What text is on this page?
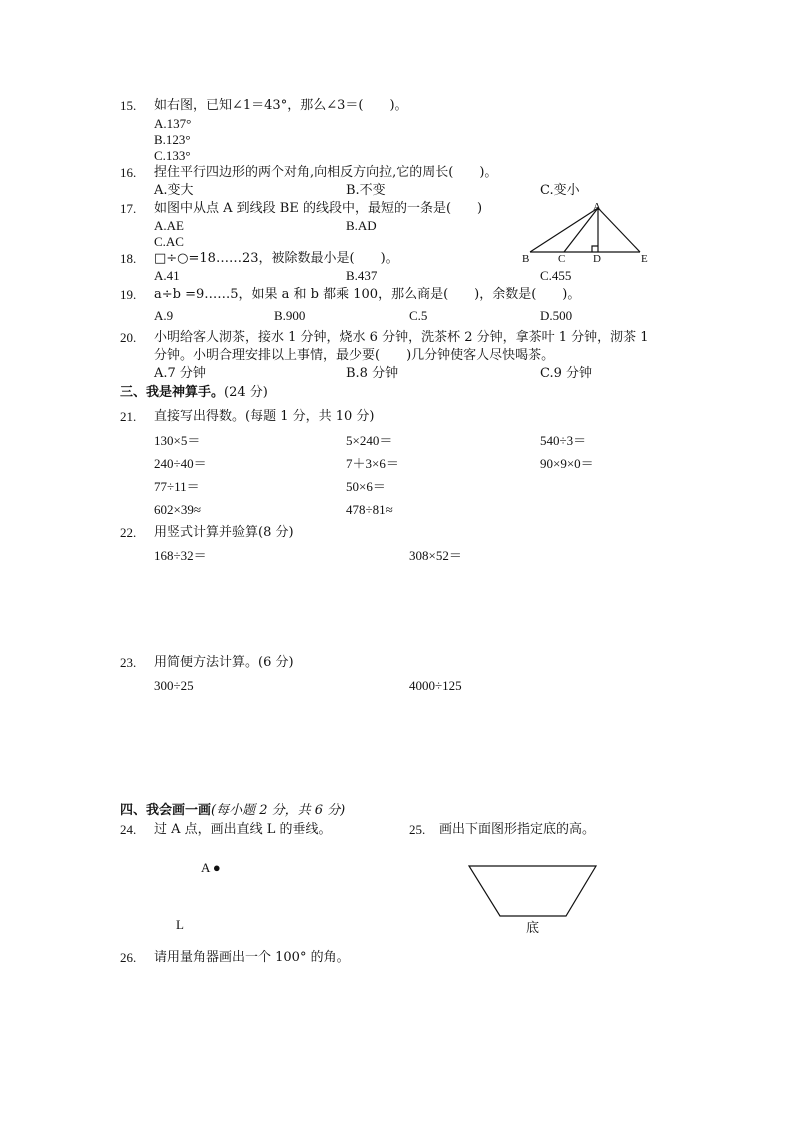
15. 如右图，已知∠1＝43°，那么∠3＝(　　)。
A.137°
B.123°
C.133°
16. 捏住平行四边形的两个对角,向相反方向拉,它的周长(　　)。
A.变大	B.不变	C.变小
17. 如图中从点 A 到线段 BE 的线段中，最短的一条是(　　)
A.AE	B.AD
C.AC
A
B	C	D	E
18. □÷○=18……23，被除数最小是(　　)。
A.41	B.437	C.455
19. a÷b =9……5，如果 a 和 b 都乘 100，那么商是(　　)，余数是(　　)。
A.9	B.900	C.5	D.500
20. 小明给客人沏茶，接水 1 分钟，烧水 6 分钟，洗茶杯 2 分钟，拿茶叶 1 分钟，沏茶 1
分钟。小明合理安排以上事情，最少要(　　)几分钟使客人尽快喝茶。
A.7 分钟	B.8 分钟	C.9 分钟
三、我是神算手。(24 分)
21. 直接写出得数。(每题 1 分，共 10 分)
130×5＝	5×240＝	540÷3＝
240÷40＝	7＋3×6＝	90×9×0＝
77÷11＝	50×6＝
602×39≈	478÷81≈
22. 用竖式计算并验算(8 分)
168÷32＝	308×52＝
23. 用简便方法计算。(6 分)
300÷25	4000÷125
四、我会画一画(每小题 2 分，共 6 分)
24. 过 A 点，画出直线 L 的垂线。
A ●
L
25. 画出下面图形指定底的高。
底
26. 请用量角器画出一个 100° 的角。
